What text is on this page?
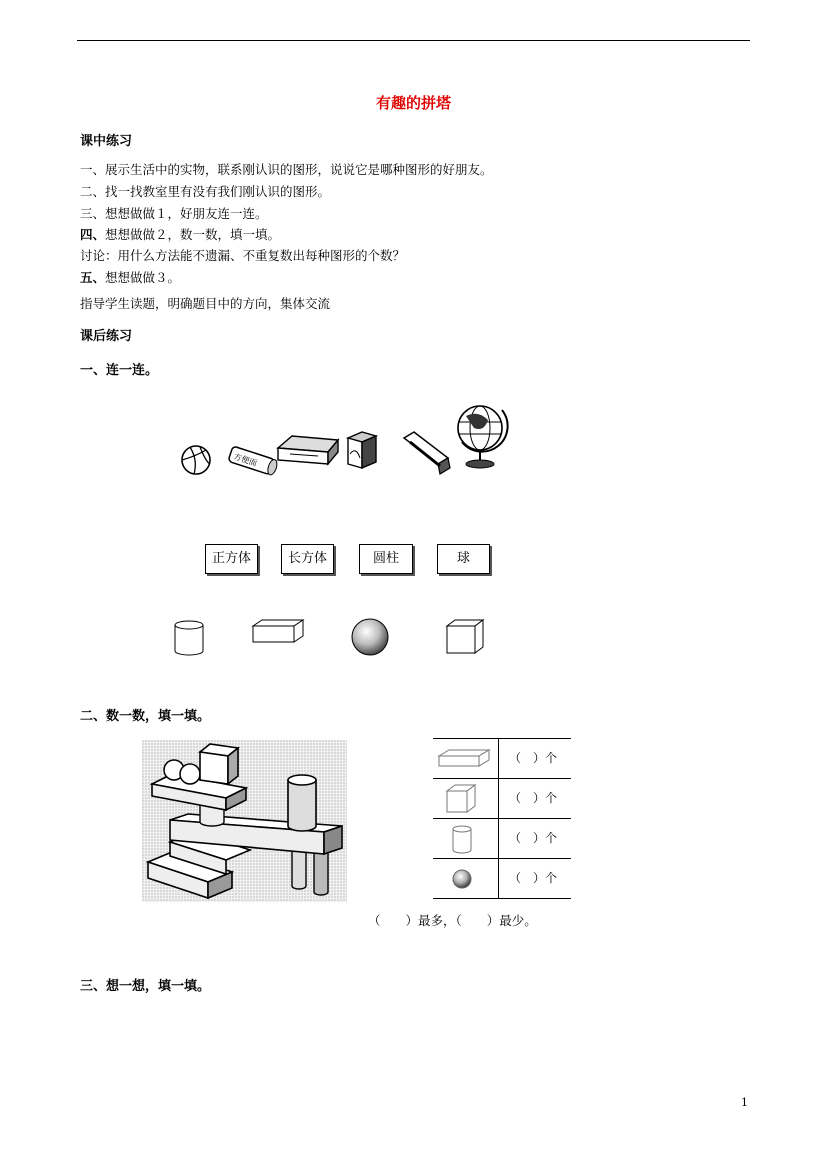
有趣的拼塔
课中练习
一、展示生活中的实物，联系刚认识的图形，说说它是哪种图形的好朋友。
二、找一找教室里有没有我们刚认识的图形。
三、想想做做１，好朋友连一连。
四、想想做做２，数一数，填一填。
讨论：用什么方法能不遗漏、不重复数出每种图形的个数？
五、想想做做３。
指导学生读题，明确题目中的方向，集体交流
课后练习
一、连一连。
方便面
正方体	长方体	圆柱	球
二、数一数，填一填。
（　）个
（　）个
（　）个
（　）个
（　　）最多，（　　）最少。
三、想一想，填一填。
1
